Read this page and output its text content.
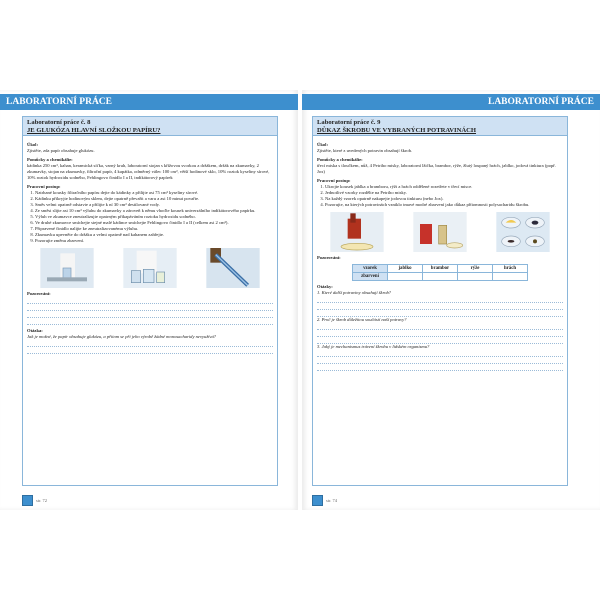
LABORATORNÍ PRÁCE
Laboratorní práce č. 8
JE GLUKÓZA HLAVNÍ SLOŽKOU PAPÍRU?
Úkol:

Zjistěte, zda papír obsahuje glukózu.

Pomůcky a chemikálie:

kádinka 250 cm³, kahan, keramická síťka, varný kruh, laboratorní stojan s křížovou svorkou a držákem, držák na zkumavky, 2 zkumavky, stojan na zkumavky, filtrační papír, 4 kapátka, odměrný válec 100 cm³, větší hodinové sklo, 10% roztok kyseliny sírové, 10% roztok hydroxidu sodného, Fehlingovo činidlo I a II, indikátorový papírek

Pracovní postup:
1. Natrhané kousky filtračního papíru dejte do kádinky a přilijte asi 75 cm³ kyseliny sírové.
2. Kádinku přikryjte hodinovým sklem, dejte opatrně převařit a varu a asi 10 minut povařte.
3. Směs velmi opatrně odstavte a přilijte k ní 30 cm³ destilované vody.
4. Ze směsi slijte asi 10 cm³ výluhu do zkumavky a zároveň k němu vhoďte kousek univerzálního indikátorového papírku.
5. Výluh ve zkumavce zneutralizujte opatrným přikapáváním roztoku hydroxidu sodného.
6. Ve druhé zkumavce smíchejte stejné malé kádince smíchejte Fehlingovo činidlo I a II (celkem asi 2 cm³).
7. Připravené činidlo nalijte ke zneutralizovanému výluhu.
8. Zkumavku upevněte do držáku a velmi opatrně nad kahanem zahřejte.
9. Pozorujte změnu zbarvení.
Pozorování:
Otázka:

Jak je možné, že papír obsahuje glukózu, a přitom se při jeho výrobě žádné monosacharidy nevyužívá?

str. 72
LABORATORNÍ PRÁCE
Laboratorní práce č. 9
DŮKAZ ŠKROBU VE VYBRANÝCH POTRAVINÁCH
Úkol:

Zjistěte, které z uvedených potravin obsahují škrob.

Pomůcky a chemikálie:

třecí miska s tloučkem, nůž, 4 Petriho misky, laboratorní lžička, brambor, rýže, žlutý loupaný hrách, jablko, jodová tinktura (popř. Jox)

Pracovní postup:
1. Ukrojte kousek jablka a bramboru, rýži a hrách oddělené rozetřete v třecí misce.
2. Jednotlivé vzorky rozdělte na Petriho misky.
3. Na každý vzorek opatrně nakapejte jodovou tinkturu (nebo Jox).
4. Pozorujte, na kterých potravinách vzniklo tmavé modré zbarvení jako důkaz přítomnosti polysacharidu škrobu.
Pozorování:
vzorek	jablko	brambor	rýže	hrách
zbarvení				
Otázky:

1. Které další potraviny obsahují škrob?

2. Proč je škrob důležitou součástí naší potravy?

3. Jaký je mechanismus trávení škrobu v lidském organismu?

str. 74
